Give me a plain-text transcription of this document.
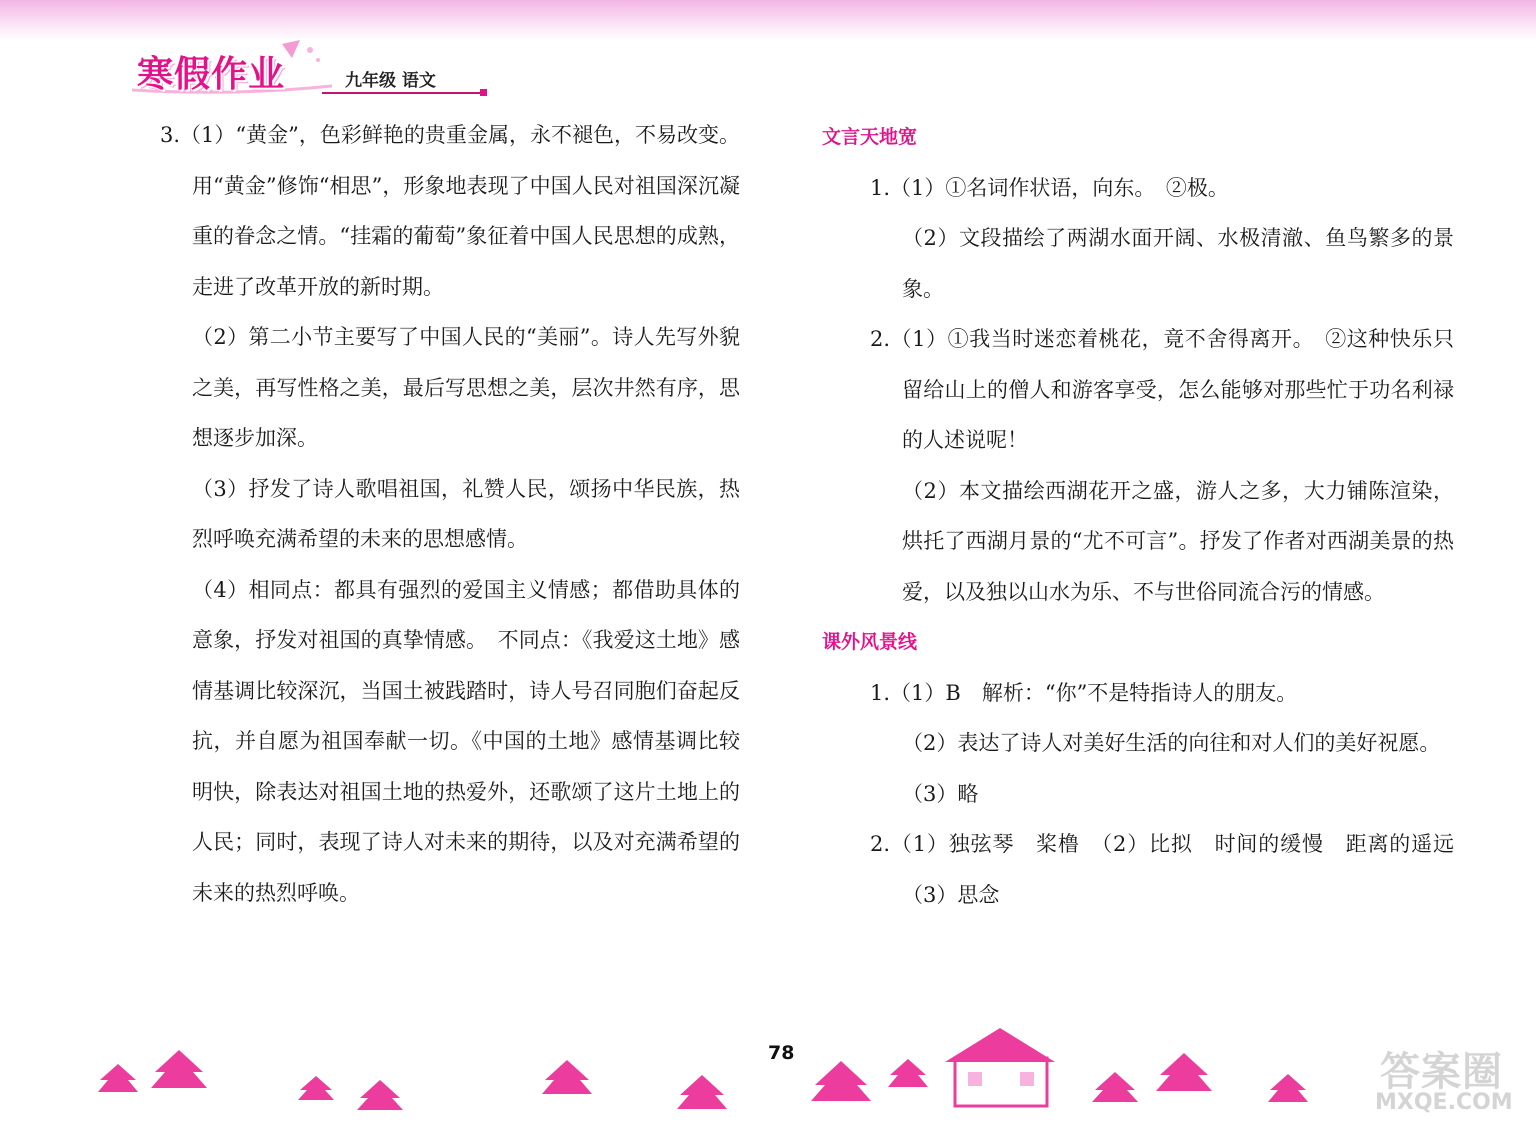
寒假作业	九年级 语文

3.（1）“黄金”，色彩鲜艳的贵重金属，永不褪色，不易改变。用“黄金”修饰“相思”，形象地表现了中国人民对祖国深沉凝重的眷念之情。“挂霜的葡萄”象征着中国人民思想的成熟，走进了改革开放的新时期。

（2）第二小节主要写了中国人民的“美丽”。诗人先写外貌之美，再写性格之美，最后写思想之美，层次井然有序，思想逐步加深。

（3）抒发了诗人歌唱祖国，礼赞人民，颂扬中华民族，热烈呼唤充满希望的未来的思想感情。

（4）相同点：都具有强烈的爱国主义情感；都借助具体的意象，抒发对祖国的真挚情感。　不同点：《我爱这土地》感情基调比较深沉，当国土被践踏时，诗人号召同胞们奋起反抗，并自愿为祖国奉献一切。《中国的土地》感情基调比较明快，除表达对祖国土地的热爱外，还歌颂了这片土地上的人民；同时，表现了诗人对未来的期待，以及对充满希望的未来的热烈呼唤。

文言天地宽

1.（1）①名词作状语，向东。　②极。

（2）文段描绘了两湖水面开阔、水极清澈、鱼鸟繁多的景象。

2.（1）①我当时迷恋着桃花，竟不舍得离开。　②这种快乐只留给山上的僧人和游客享受，怎么能够对那些忙于功名利禄的人述说呢！

（2）本文描绘西湖花开之盛，游人之多，大力铺陈渲染，烘托了西湖月景的“尤不可言”。抒发了作者对西湖美景的热爱，以及独以山水为乐、不与世俗同流合污的情感。

课外风景线

1.（1）B　解析：“你”不是特指诗人的朋友。

（2）表达了诗人对美好生活的向往和对人们的美好祝愿。

（3）略

2.（1）独弦琴　桨橹　（2）比拟　时间的缓慢　距离的遥远　（3）思念

78	答案圈
MXQE.COM
